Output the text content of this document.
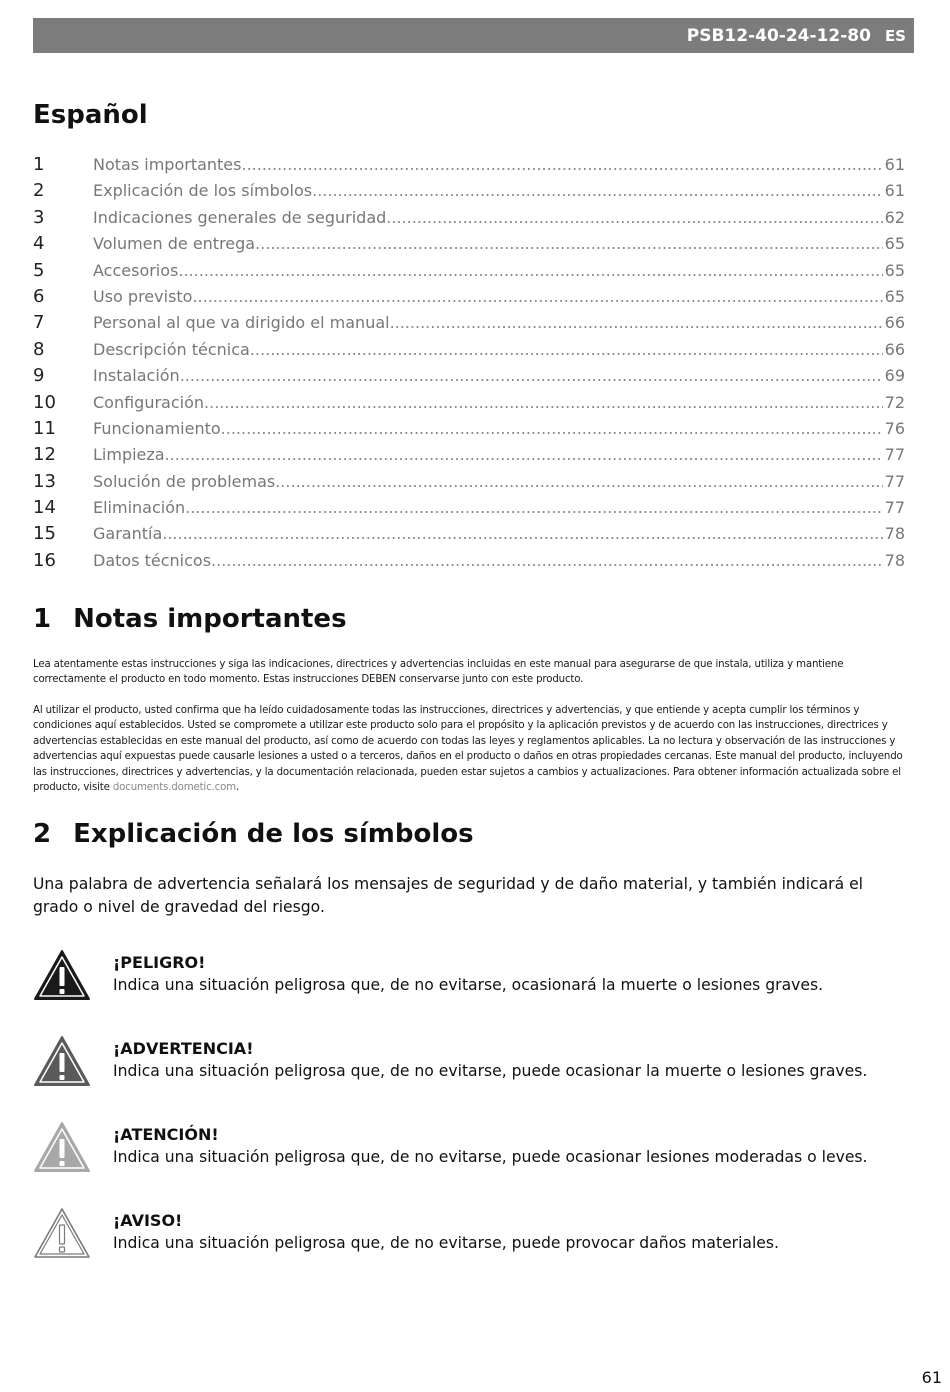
PSB12-40-24-12-80 ES
Español
1	Notas importantes .....	61
2	Explicación de los símbolos .....	61
3	Indicaciones generales de seguridad .....	62
4	Volumen de entrega .....	65
5	Accesorios .....	65
6	Uso previsto .....	65
7	Personal al que va dirigido el manual .....	66
8	Descripción técnica .....	66
9	Instalación .....	69
10	Configuración .....	72
11	Funcionamiento .....	76
12	Limpieza .....	77
13	Solución de problemas .....	77
14	Eliminación .....	77
15	Garantía .....	78
16	Datos técnicos .....	78
1 Notas importantes

Lea atentamente estas instrucciones y siga las indicaciones, directrices y advertencias incluidas en este manual para asegurarse de que instala, utiliza y mantiene correctamente el producto en todo momento. Estas instrucciones DEBEN conservarse junto con este producto.

Al utilizar el producto, usted confirma que ha leído cuidadosamente todas las instrucciones, directrices y advertencias, y que entiende y acepta cumplir los términos y condiciones aquí establecidos. Usted se compromete a utilizar este producto solo para el propósito y la aplicación previstos y de acuerdo con las instrucciones, directrices y advertencias establecidas en este manual del producto, así como de acuerdo con todas las leyes y reglamentos aplicables. La no lectura y observación de las instrucciones y advertencias aquí expuestas puede causarle lesiones a usted o a terceros, daños en el producto o daños en otras propiedades cercanas. Este manual del producto, incluyendo las instrucciones, directrices y advertencias, y la documentación relacionada, pueden estar sujetos a cambios y actualizaciones. Para obtener información actualizada sobre el producto, visite documents.dometic.com.

2 Explicación de los símbolos

Una palabra de advertencia señalará los mensajes de seguridad y de daño material, y también indicará el grado o nivel de gravedad del riesgo.

¡PELIGRO!
Indica una situación peligrosa que, de no evitarse, ocasionará la muerte o lesiones graves.
¡ADVERTENCIA!
Indica una situación peligrosa que, de no evitarse, puede ocasionar la muerte o lesiones graves.
¡ATENCIÓN!
Indica una situación peligrosa que, de no evitarse, puede ocasionar lesiones moderadas o leves.
¡AVISO!
Indica una situación peligrosa que, de no evitarse, puede provocar daños materiales.
61
